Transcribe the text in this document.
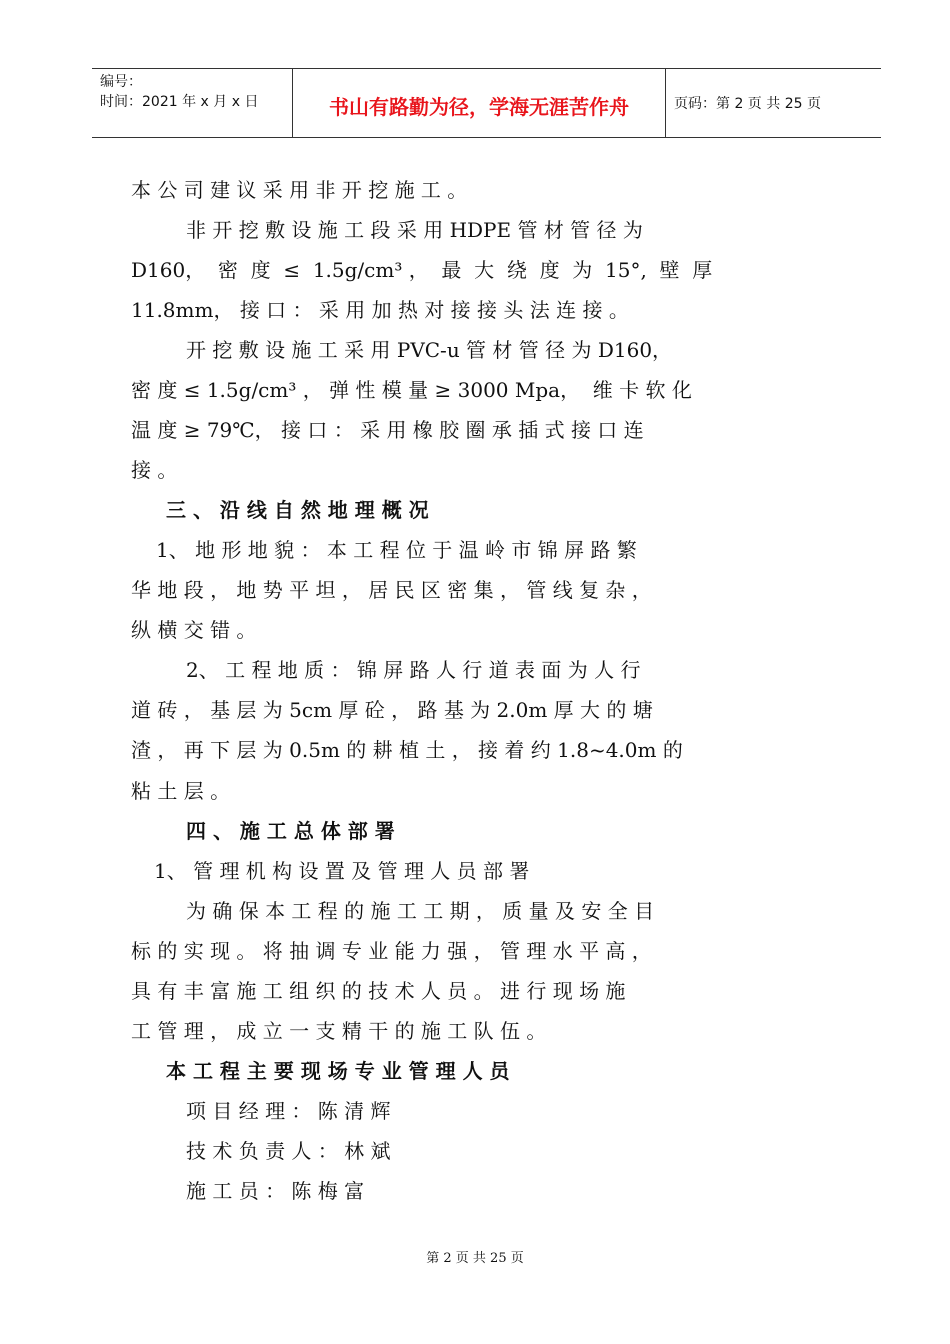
编号：
时间：2021 年 x 月 x 日	书山有路勤为径，学海无涯苦作舟	页码：第 2 页 共 25 页
本 公 司 建 议 采 用 非 开 挖 施 工 。
非 开 挖 敷 设 施 工 段 采 用 HDPE 管 材 管 径 为
D160，  密  度  ≤  1.5g/cm³ ，  最  大  绕  度  为  15°,  壁  厚
11.8mm， 接 口 ： 采 用 加 热 对 接 接 头 法 连 接 。
开 挖 敷 设 施 工 采 用 PVC-u 管 材 管 径 为 D160，
密 度 ≤ 1.5g/cm³ ， 弹 性 模 量 ≥ 3000 Mpa，  维 卡 软 化
温 度 ≥ 79℃， 接 口 ： 采 用 橡 胶 圈 承 插 式 接 口 连
接 。
三 、 沿 线 自 然 地 理 概 况
1、 地 形 地 貌 ： 本 工 程 位 于 温 岭 市 锦 屏 路 繁
华 地 段 ， 地 势 平 坦 ， 居 民 区 密 集 ， 管 线 复 杂 ，
纵 横 交 错 。
2、 工 程 地 质 ： 锦 屏 路 人 行 道 表 面 为 人 行
道 砖 ， 基 层 为 5cm 厚 砼 ， 路 基 为 2.0m 厚 大 的 塘
渣 ， 再 下 层 为 0.5m 的 耕 植 土 ， 接 着 约 1.8~4.0m 的
粘 土 层 。
四 、 施 工 总 体 部 署
1、 管 理 机 构 设 置 及 管 理 人 员 部 署
为 确 保 本 工 程 的 施 工 工 期 ， 质 量 及 安 全 目
标 的 实 现 。 将 抽 调 专 业 能 力 强 ， 管 理 水 平 高 ，
具 有 丰 富 施 工 组 织 的 技 术 人 员 。 进 行 现 场 施
工 管 理 ， 成 立 一 支 精 干 的 施 工 队 伍 。
本 工 程 主 要 现 场 专 业 管 理 人 员
项 目 经 理 ： 陈 清 辉
技 术 负 责 人 ： 林 斌
施 工 员 ： 陈 梅 富
第 2 页 共 25 页
